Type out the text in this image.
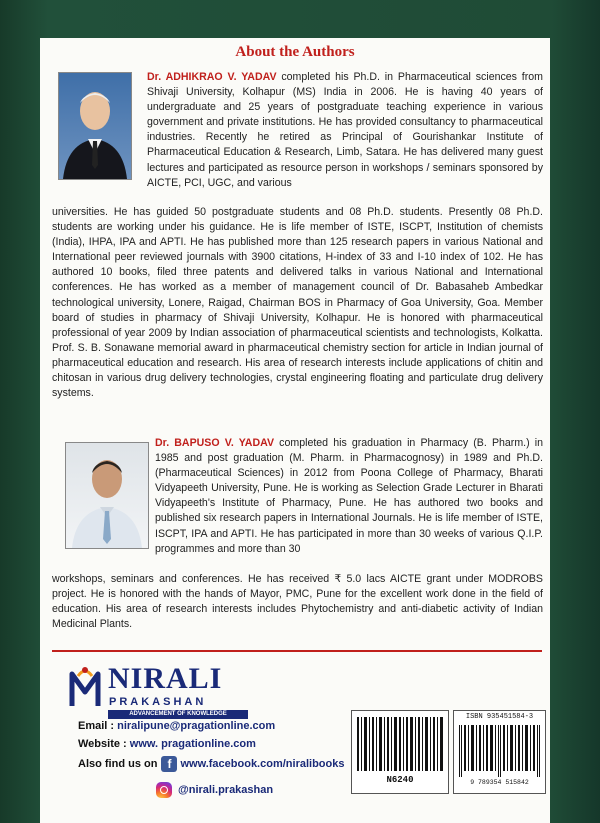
About the Authors
Dr. ADHIKRAO V. YADAV completed his Ph.D. in Pharmaceutical sciences from Shivaji University, Kolhapur (MS) India in 2006. He is having 40 years of undergraduate and 25 years of postgraduate teaching experience in various government and private institutions. He has provided consultancy to pharmaceutical industries. Recently he retired as Principal of Gourishankar Institute of Pharmaceutical Education & Research, Limb, Satara. He has delivered many guest lectures and participated as resource person in workshops / seminars sponsored by AICTE, PCI, UGC, and various
universities. He has guided 50 postgraduate students and 08 Ph.D. students. Presently 08 Ph.D. students are working under his guidance. He is life member of ISTE, ISCPT, Institution of chemists (India), IHPA, IPA and APTI. He has published more than 125 research papers in various National and International peer reviewed journals with 3900 citations, H-index of 33 and I-10 index of 102. He has authored 10 books, filed three patents and delivered talks in various National and International conferences. He has worked as a member of management council of Dr. Babasaheb Ambedkar technological university, Lonere, Raigad, Chairman BOS in Pharmacy of Goa University, Goa. Member board of studies in pharmacy of Shivaji University, Kolhapur. He is honored with pharmaceutical professional of year 2009 by Indian association of pharmaceutical scientists and technologists, Kolkatta. Prof. S. B. Sonawane memorial award in pharmaceutical chemistry section for article in Indian journal of pharmaceutical education and research. His area of research interests include applications of chitin and chitosan in various drug delivery technologies, crystal engineering floating and particulate drug delivery systems.
Dr. BAPUSO V. YADAV completed his graduation in Pharmacy (B. Pharm.) in 1985 and post graduation (M. Pharm. in Pharmacognosy) in 1989 and Ph.D. (Pharmaceutical Sciences) in 2012 from Poona College of Pharmacy, Bharati Vidyapeeth University, Pune. He is working as Selection Grade Lecturer in Bharati Vidyapeeth's Institute of Pharmacy, Pune. He has authored two books and published six research papers in International Journals. He is life member of ISTE, ISCPT, IPA and APTI. He has participated in more than 30 weeks of various Q.I.P. programmes and more than 30
workshops, seminars and conferences. He has received ₹ 5.0 lacs AICTE grant under MODROBS project. He is honored with the hands of Mayor, PMC, Pune for the excellent work done in the field of education. His area of research interests includes Phytochemistry and anti-diabetic activity of Indian Medicinal Plants.
NIRALI
PRAKASHAN
ADVANCEMENT OF KNOWLEDGE
Email : niralipune@pragationline.com
Website : www. pragationline.com
Also find us on f www.facebook.com/niralibooks
@nirali.prakashan
N6240
ISBN 935451584-3
9 789354 515842
